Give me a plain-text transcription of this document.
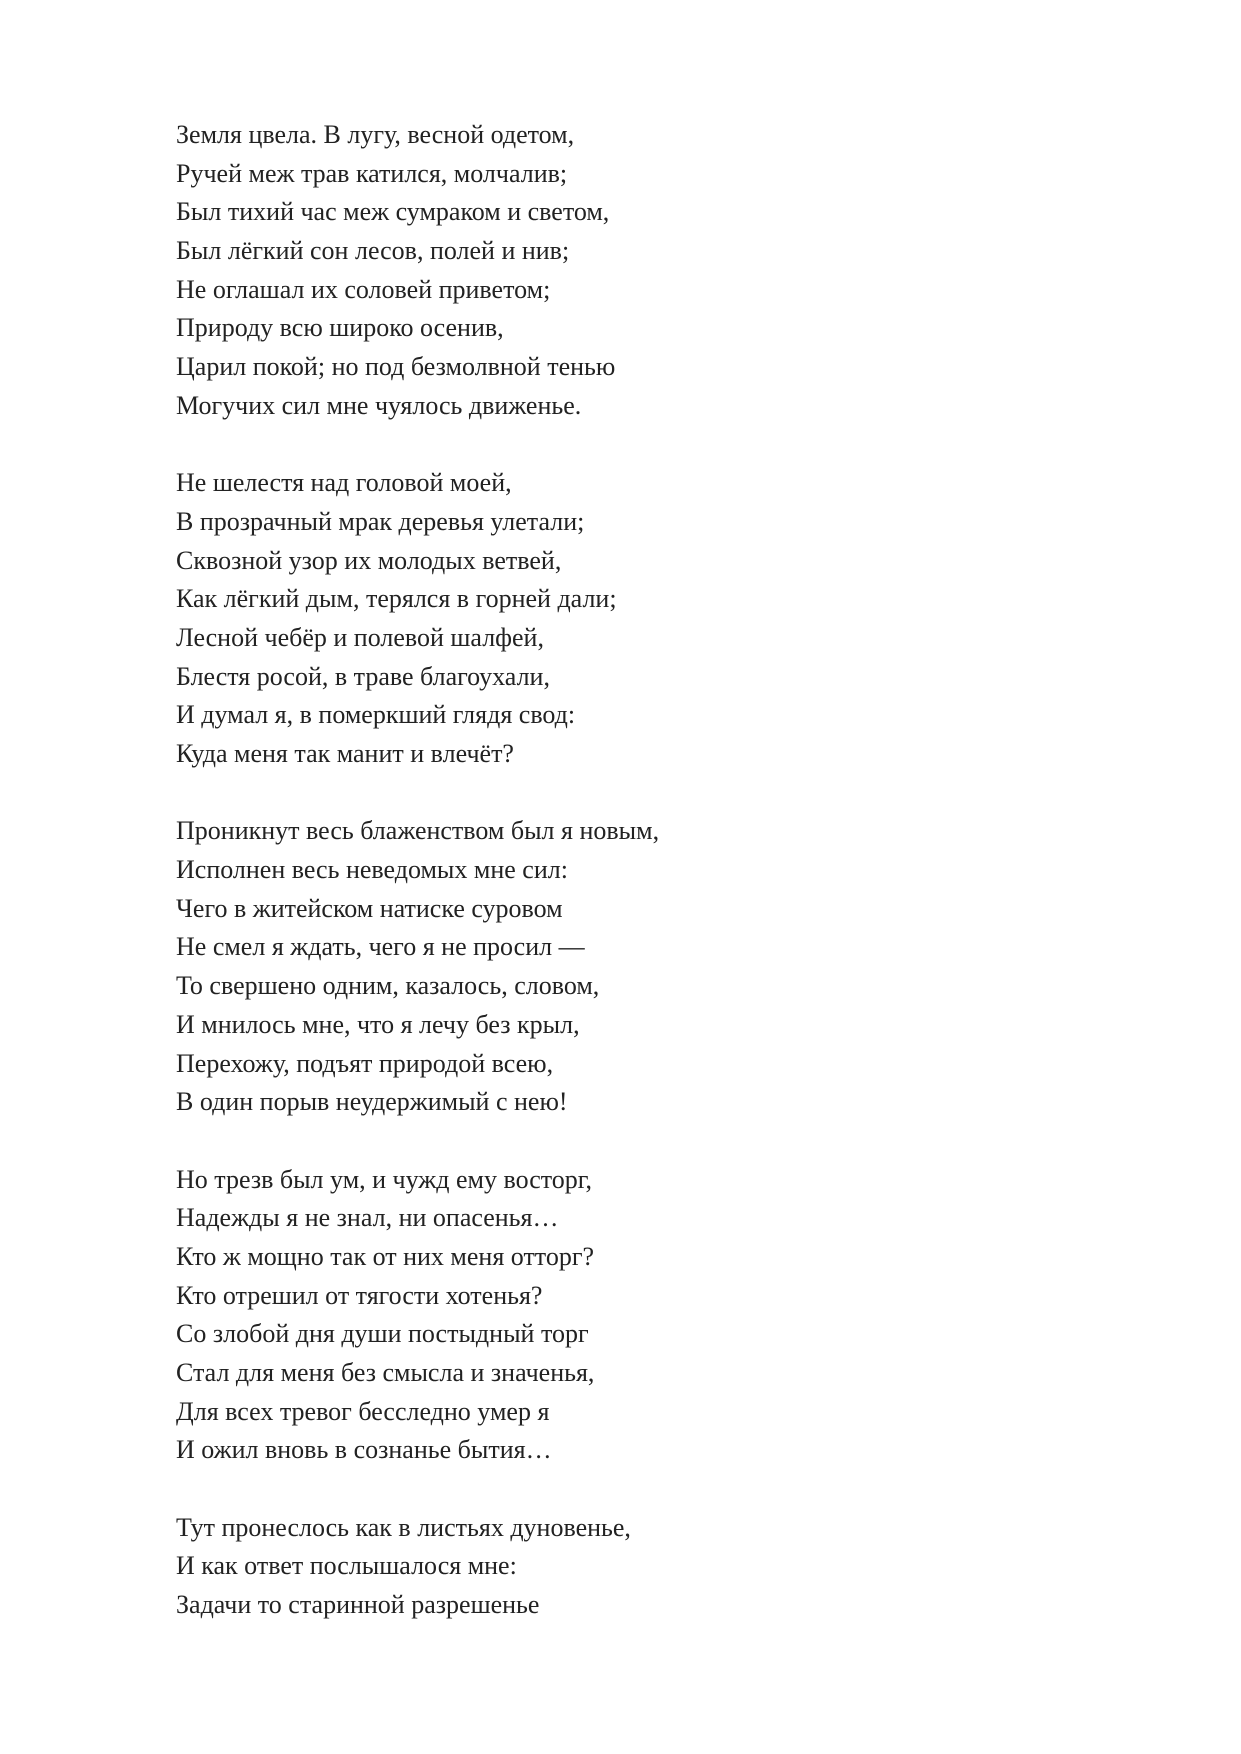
Земля цвела. В лугу, весной одетом,
Ручей меж трав катился, молчалив;
Был тихий час меж сумраком и светом,
Был лёгкий сон лесов, полей и нив;
Не оглашал их соловей приветом;
Природу всю широко осенив,
Царил покой; но под безмолвной тенью
Могучих сил мне чуялось движенье.
Не шелестя над головой моей,
В прозрачный мрак деревья улетали;
Сквозной узор их молодых ветвей,
Как лёгкий дым, терялся в горней дали;
Лесной чебёр и полевой шалфей,
Блестя росой, в траве благоухали,
И думал я, в померкший глядя свод:
Куда меня так манит и влечёт?
Проникнут весь блаженством был я новым,
Исполнен весь неведомых мне сил:
Чего в житейском натиске суровом
Не смел я ждать, чего я не просил —
То свершено одним, казалось, словом,
И мнилось мне, что я лечу без крыл,
Перехожу, подъят природой всею,
В один порыв неудержимый с нею!
Но трезв был ум, и чужд ему восторг,
Надежды я не знал, ни опасенья…
Кто ж мощно так от них меня отторг?
Кто отрешил от тягости хотенья?
Со злобой дня души постыдный торг
Стал для меня без смысла и значенья,
Для всех тревог бесследно умер я
И ожил вновь в сознанье бытия…
Тут пронеслось как в листьях дуновенье,
И как ответ послышалося мне:
Задачи то старинной разрешенье
